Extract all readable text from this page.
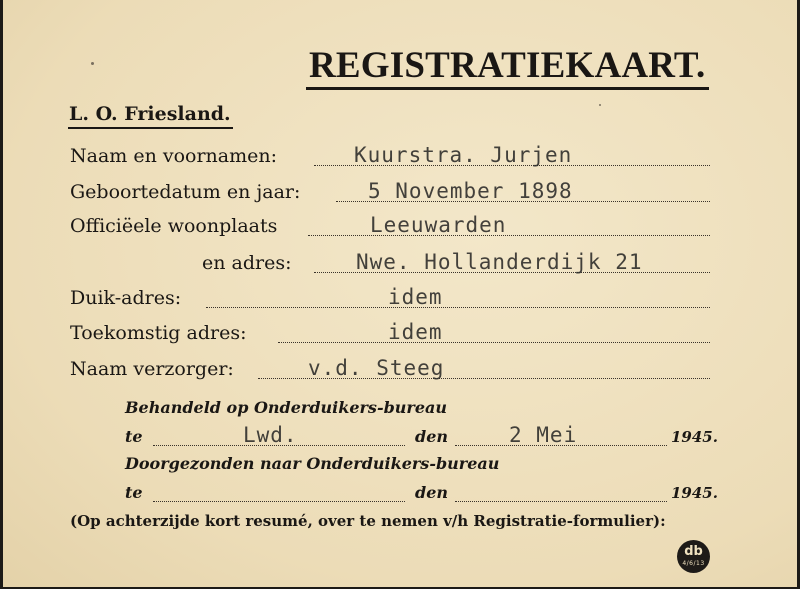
REGISTRATIEKAART.
L. O. Friesland.
Naam en voornamen:	Kuurstra. Jurjen
Geboortedatum en jaar:	5 November 1898
Officiëele woonplaats	Leeuwarden
en adres:	Nwe. Hollanderdijk 21
Duik-adres:	idem
Toekomstig adres:	idem
Naam verzorger:	v.d. Steeg
Behandeld op Onderduikers-bureau
te	Lwd.	den	2 Mei	1945.
Doorgezonden naar Onderduikers-bureau
te	den	1945.
(Op achterzijde kort resumé, over te nemen v/h Registratie-formulier):
db
4/6/13
